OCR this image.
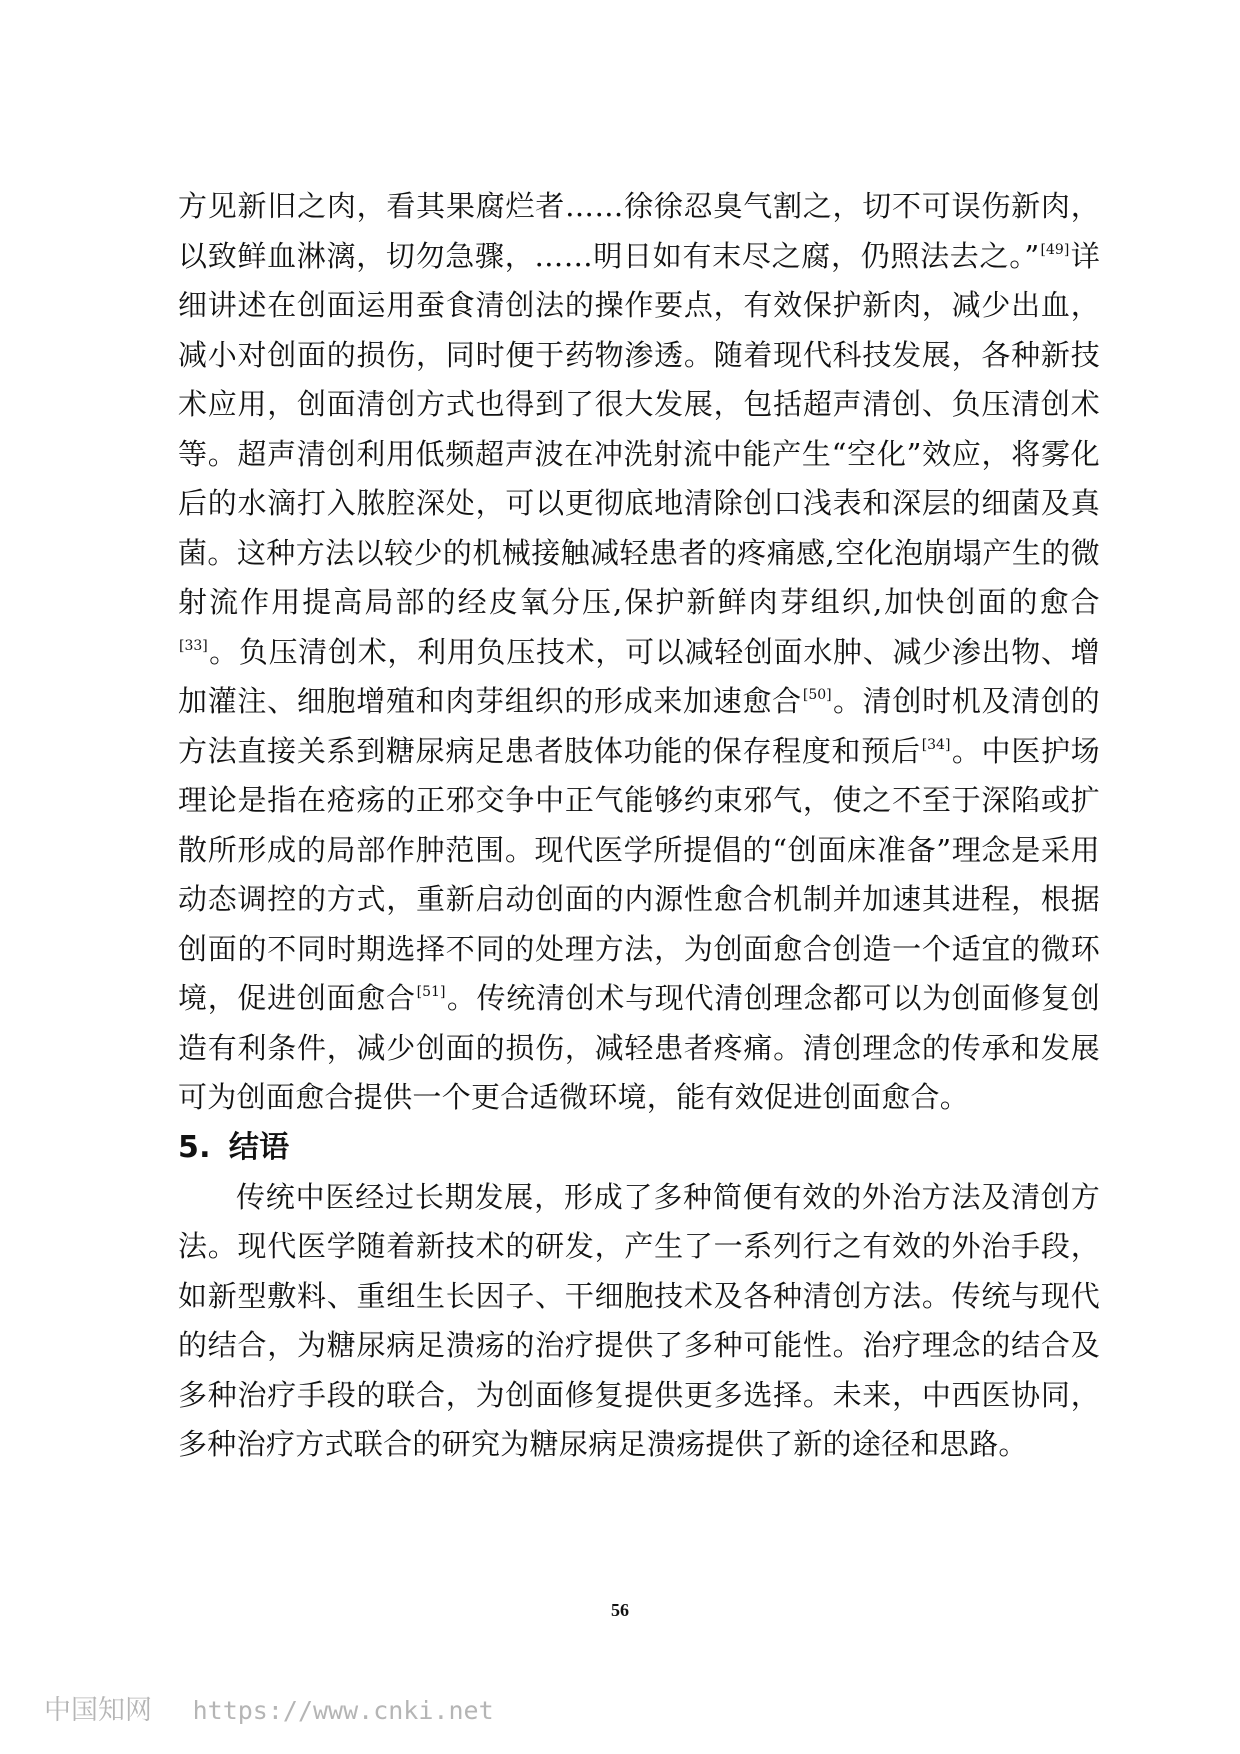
方见新旧之肉，看其果腐烂者……徐徐忍臭气割之，切不可误伤新肉，以致鲜血淋漓，切勿急骤，……明日如有末尽之腐，仍照法去之。”[49]详细讲述在创面运用蚕食清创法的操作要点，有效保护新肉，减少出血，减小对创面的损伤，同时便于药物渗透。随着现代科技发展，各种新技术应用，创面清创方式也得到了很大发展，包括超声清创、负压清创术等。超声清创利用低频超声波在冲洗射流中能产生“空化”效应，将雾化后的水滴打入脓腔深处，可以更彻底地清除创口浅表和深层的细菌及真菌。这种方法以较少的机械接触减轻患者的疼痛感,空化泡崩塌产生的微射流作用提高局部的经皮氧分压,保护新鲜肉芽组织,加快创面的愈合[33]。负压清创术，利用负压技术，可以减轻创面水肿、减少渗出物、增加灌注、细胞增殖和肉芽组织的形成来加速愈合[50]。清创时机及清创的方法直接关系到糖尿病足患者肢体功能的保存程度和预后[34]。中医护场理论是指在疮疡的正邪交争中正气能够约束邪气，使之不至于深陷或扩散所形成的局部作肿范围。现代医学所提倡的“创面床准备”理念是采用动态调控的方式，重新启动创面的内源性愈合机制并加速其进程，根据创面的不同时期选择不同的处理方法，为创面愈合创造一个适宜的微环境，促进创面愈合[51]。传统清创术与现代清创理念都可以为创面修复创造有利条件，减少创面的损伤，减轻患者疼痛。清创理念的传承和发展可为创面愈合提供一个更合适微环境，能有效促进创面愈合。

5. 结语

传统中医经过长期发展，形成了多种简便有效的外治方法及清创方法。现代医学随着新技术的研发，产生了一系列行之有效的外治手段，如新型敷料、重组生长因子、干细胞技术及各种清创方法。传统与现代的结合，为糖尿病足溃疡的治疗提供了多种可能性。治疗理念的结合及多种治疗手段的联合，为创面修复提供更多选择。未来，中西医协同，多种治疗方式联合的研究为糖尿病足溃疡提供了新的途径和思路。

56
中国知网 https://www.cnki.net
